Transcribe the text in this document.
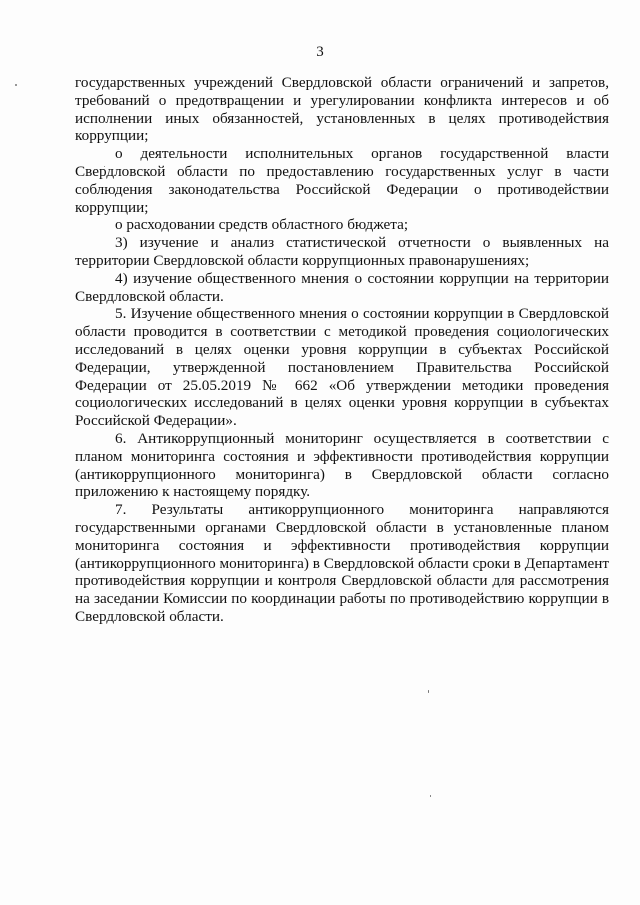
3

государственных учреждений Свердловской области ограничений и запретов, требований о предотвращении и урегулировании конфликта интересов и об исполнении иных обязанностей, установленных в целях противодействия коррупции;

о деятельности исполнительных органов государственной власти Свердловской области по предоставлению государственных услуг в части соблюдения законодательства Российской Федерации о противодействии коррупции;

о расходовании средств областного бюджета;

3) изучение и анализ статистической отчетности о выявленных на территории Свердловской области коррупционных правонарушениях;

4) изучение общественного мнения о состоянии коррупции на территории Свердловской области.

5. Изучение общественного мнения о состоянии коррупции в Свердловской области проводится в соответствии с методикой проведения социологических исследований в целях оценки уровня коррупции в субъектах Российской Федерации, утвержденной постановлением Правительства Российской Федерации от 25.05.2019 № 662 «Об утверждении методики проведения социологических исследований в целях оценки уровня коррупции в субъектах Российской Федерации».

6. Антикоррупционный мониторинг осуществляется в соответствии с планом мониторинга состояния и эффективности противодействия коррупции (антикоррупционного мониторинга) в Свердловской области согласно приложению к настоящему порядку.

7. Результаты антикоррупционного мониторинга направляются государственными органами Свердловской области в установленные планом мониторинга состояния и эффективности противодействия коррупции (антикоррупционного мониторинга) в Свердловской области сроки в Департамент противодействия коррупции и контроля Свердловской области для рассмотрения на заседании Комиссии по координации работы по противодействию коррупции в Свердловской области.
